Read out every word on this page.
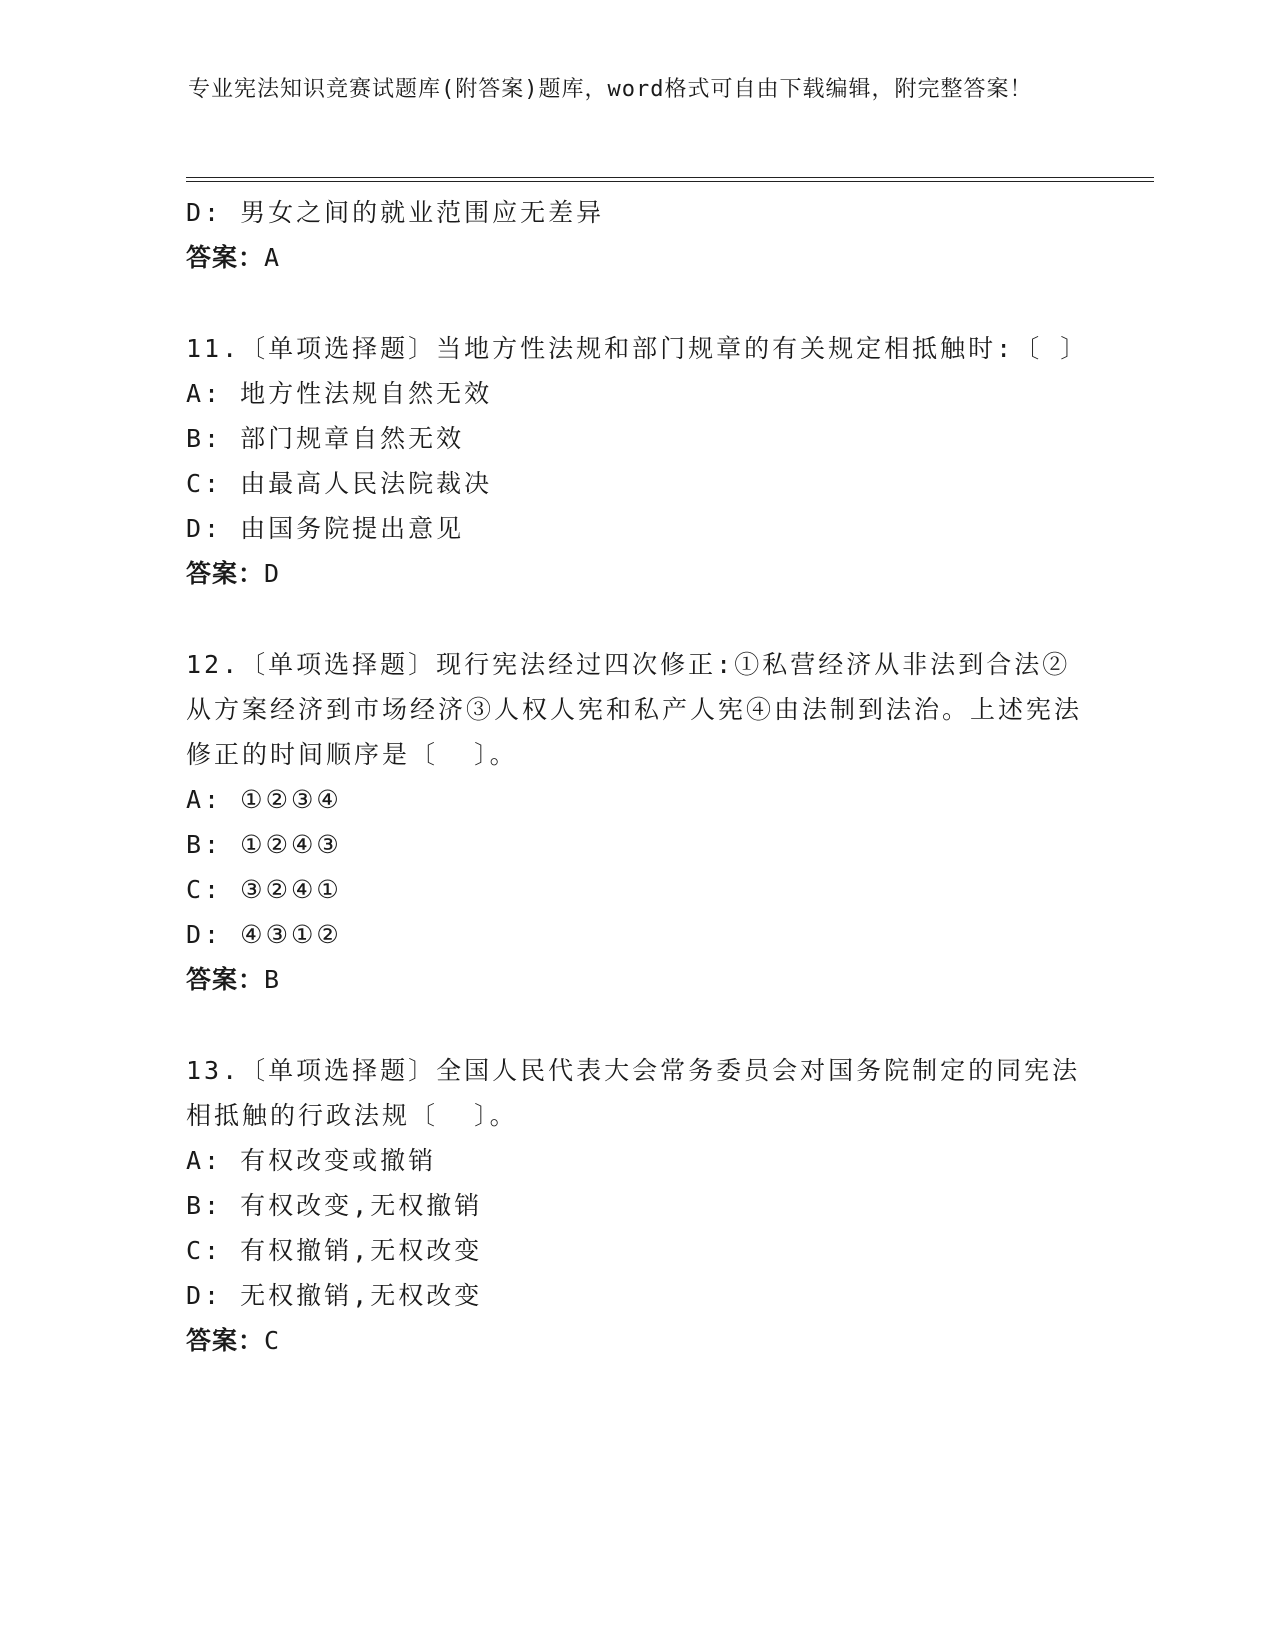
专业宪法知识竞赛试题库(附答案)题库，word格式可自由下载编辑，附完整答案！
D: 男女之间的就业范围应无差异
答案：A
11.〔单项选择题〕当地方性法规和部门规章的有关规定相抵触时:〔 〕
A: 地方性法规自然无效
B: 部门规章自然无效
C: 由最高人民法院裁决
D: 由国务院提出意见
答案：D
12.〔单项选择题〕现行宪法经过四次修正:①私营经济从非法到合法②从方案经济到市场经济③人权人宪和私产人宪④由法制到法治。上述宪法修正的时间顺序是〔  〕。
A: ①②③④
B: ①②④③
C: ③②④①
D: ④③①②
答案：B
13.〔单项选择题〕全国人民代表大会常务委员会对国务院制定的同宪法相抵触的行政法规〔  〕。
A: 有权改变或撤销
B: 有权改变,无权撤销
C: 有权撤销,无权改变
D: 无权撤销,无权改变
答案：C
